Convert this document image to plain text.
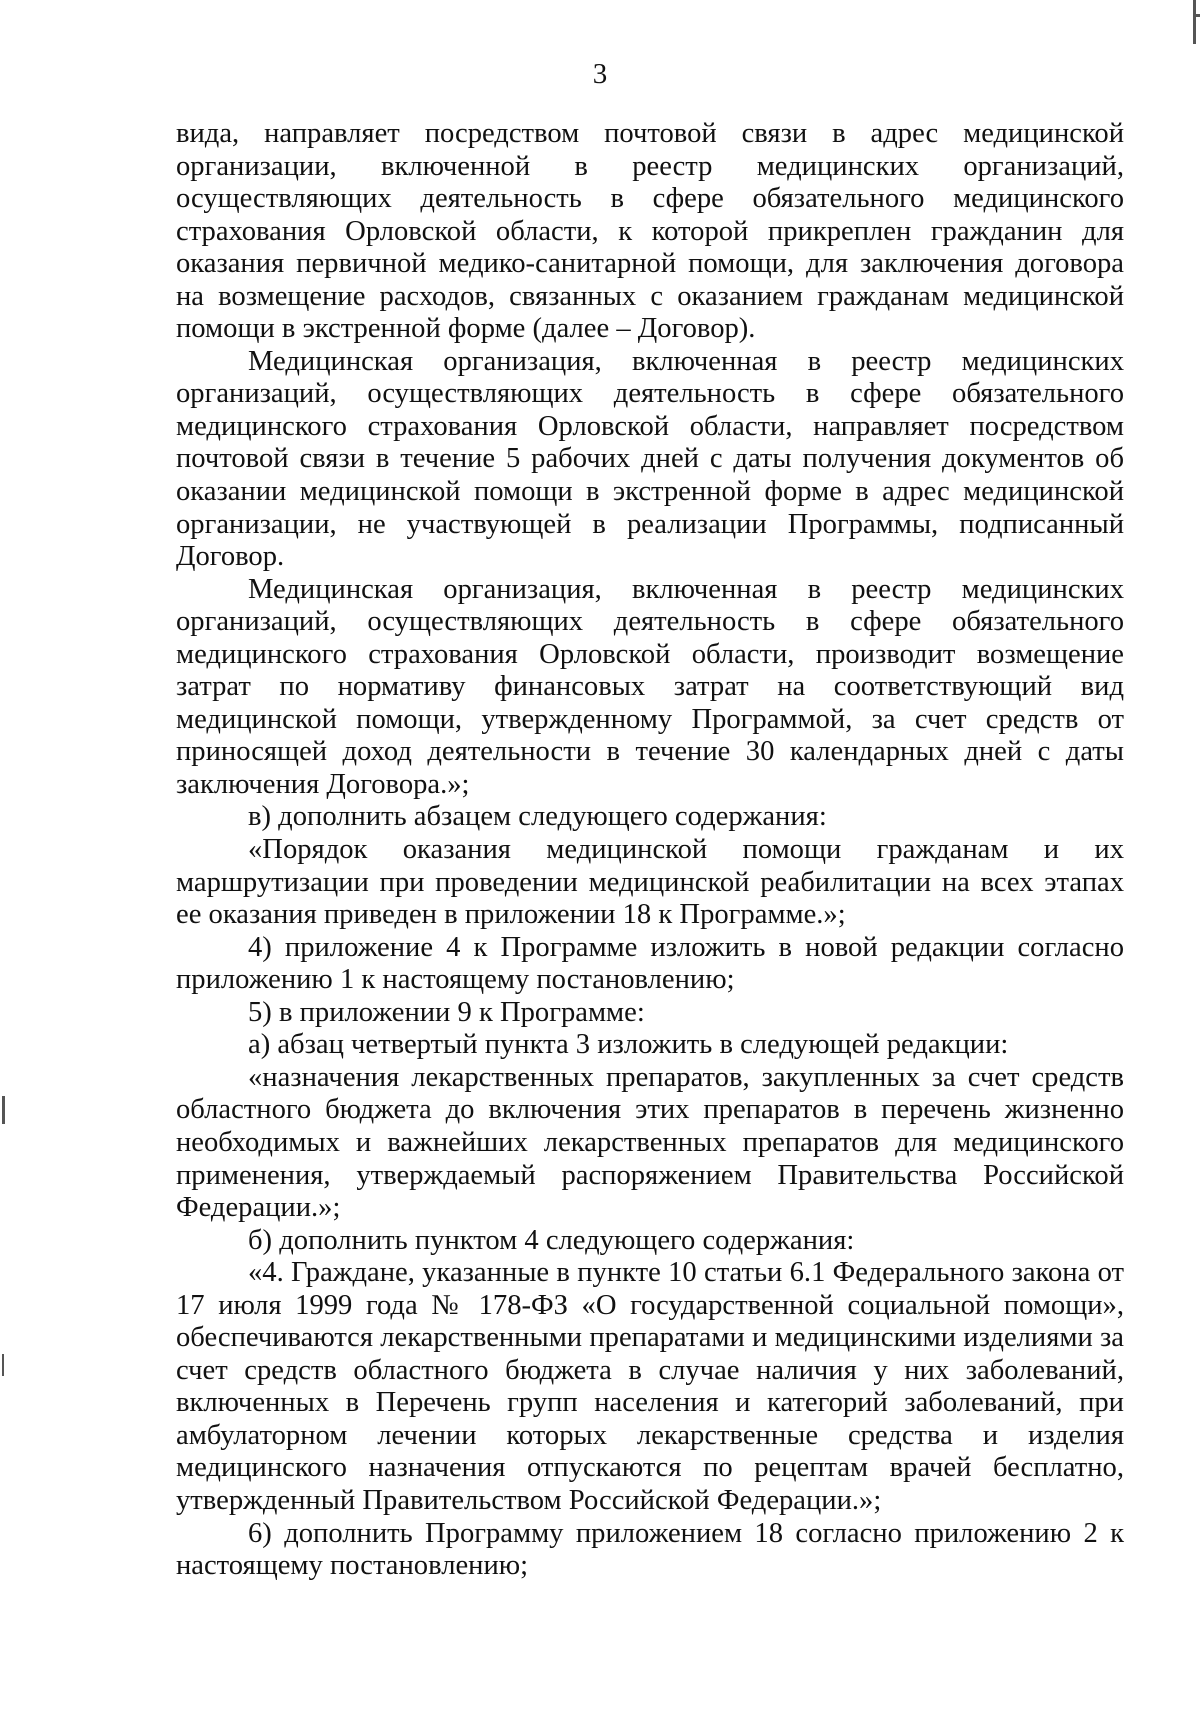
3

вида, направляет посредством почтовой связи в адрес медицинской организации, включенной в реестр медицинских организаций, осуществляющих деятельность в сфере обязательного медицинского страхования Орловской области, к которой прикреплен гражданин для оказания первичной медико-санитарной помощи, для заключения договора на возмещение расходов, связанных с оказанием гражданам медицинской помощи в экстренной форме (далее – Договор).

Медицинская организация, включенная в реестр медицинских организаций, осуществляющих деятельность в сфере обязательного медицинского страхования Орловской области, направляет посредством почтовой связи в течение 5 рабочих дней с даты получения документов об оказании медицинской помощи в экстренной форме в адрес медицинской организации, не участвующей в реализации Программы, подписанный Договор.

Медицинская организация, включенная в реестр медицинских организаций, осуществляющих деятельность в сфере обязательного медицинского страхования Орловской области, производит возмещение затрат по нормативу финансовых затрат на соответствующий вид медицинской помощи, утвержденному Программой, за счет средств от приносящей доход деятельности в течение 30 календарных дней с даты заключения Договора.»;

в) дополнить абзацем следующего содержания:

«Порядок оказания медицинской помощи гражданам и их маршрутизации при проведении медицинской реабилитации на всех этапах ее оказания приведен в приложении 18 к Программе.»;

4) приложение 4 к Программе изложить в новой редакции согласно приложению 1 к настоящему постановлению;

5) в приложении 9 к Программе:

а) абзац четвертый пункта 3 изложить в следующей редакции:

«назначения лекарственных препаратов, закупленных за счет средств областного бюджета до включения этих препаратов в перечень жизненно необходимых и важнейших лекарственных препаратов для медицинского применения, утверждаемый распоряжением Правительства Российской Федерации.»;

б) дополнить пунктом 4 следующего содержания:

«4. Граждане, указанные в пункте 10 статьи 6.1 Федерального закона от 17 июля 1999 года № 178-ФЗ «О государственной социальной помощи», обеспечиваются лекарственными препаратами и медицинскими изделиями за счет средств областного бюджета в случае наличия у них заболеваний, включенных в Перечень групп населения и категорий заболеваний, при амбулаторном лечении которых лекарственные средства и изделия медицинского назначения отпускаются по рецептам врачей бесплатно, утвержденный Правительством Российской Федерации.»;

6) дополнить Программу приложением 18 согласно приложению 2 к настоящему постановлению;
